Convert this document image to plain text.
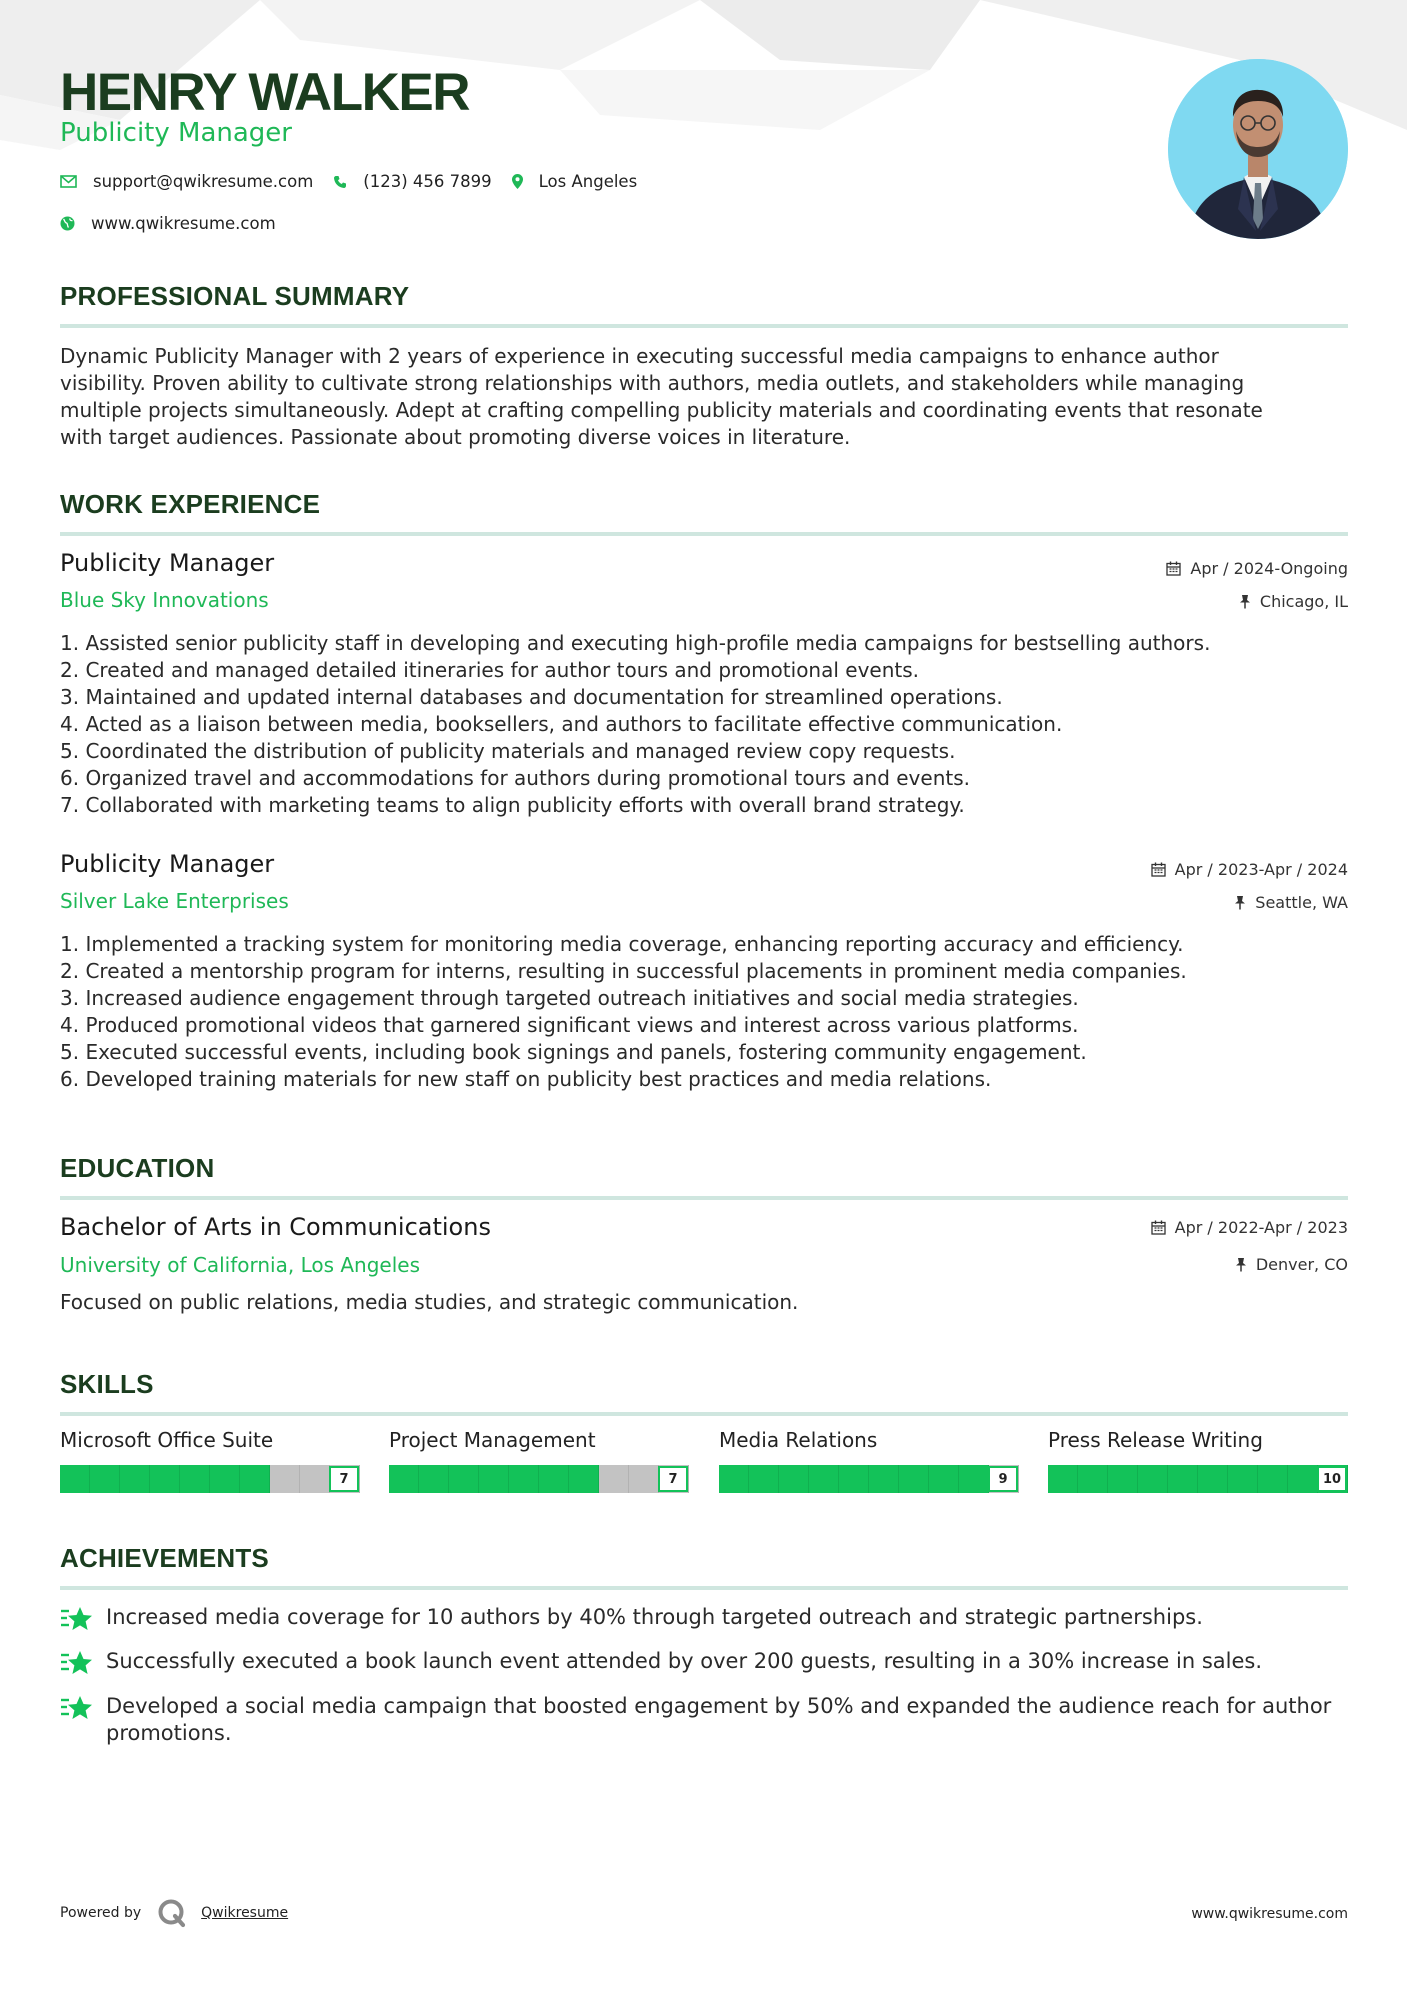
HENRY WALKER
Publicity Manager
support@qwikresume.com	(123) 456 7899	Los Angeles
www.qwikresume.com
PROFESSIONAL SUMMARY
Dynamic Publicity Manager with 2 years of experience in executing successful media campaigns to enhance author
visibility. Proven ability to cultivate strong relationships with authors, media outlets, and stakeholders while managing
multiple projects simultaneously. Adept at crafting compelling publicity materials and coordinating events that resonate
with target audiences. Passionate about promoting diverse voices in literature.
WORK EXPERIENCE
Publicity Manager
Blue Sky Innovations
Apr / 2024-Ongoing
Chicago, IL
1. Assisted senior publicity staff in developing and executing high-profile media campaigns for bestselling authors.
2. Created and managed detailed itineraries for author tours and promotional events.
3. Maintained and updated internal databases and documentation for streamlined operations.
4. Acted as a liaison between media, booksellers, and authors to facilitate effective communication.
5. Coordinated the distribution of publicity materials and managed review copy requests.
6. Organized travel and accommodations for authors during promotional tours and events.
7. Collaborated with marketing teams to align publicity efforts with overall brand strategy.
Publicity Manager
Silver Lake Enterprises
Apr / 2023-Apr / 2024
Seattle, WA
1. Implemented a tracking system for monitoring media coverage, enhancing reporting accuracy and efficiency.
2. Created a mentorship program for interns, resulting in successful placements in prominent media companies.
3. Increased audience engagement through targeted outreach initiatives and social media strategies.
4. Produced promotional videos that garnered significant views and interest across various platforms.
5. Executed successful events, including book signings and panels, fostering community engagement.
6. Developed training materials for new staff on publicity best practices and media relations.
EDUCATION
Bachelor of Arts in Communications
University of California, Los Angeles
Apr / 2022-Apr / 2023
Denver, CO
Focused on public relations, media studies, and strategic communication.
SKILLS
Microsoft Office Suite
7
Project Management
7
Media Relations
9
Press Release Writing
10
ACHIEVEMENTS
Increased media coverage for 10 authors by 40% through targeted outreach and strategic partnerships.
Successfully executed a book launch event attended by over 200 guests, resulting in a 30% increase in sales.
Developed a social media campaign that boosted engagement by 50% and expanded the audience reach for author
promotions.
Powered by	Qwikresume	www.qwikresume.com
